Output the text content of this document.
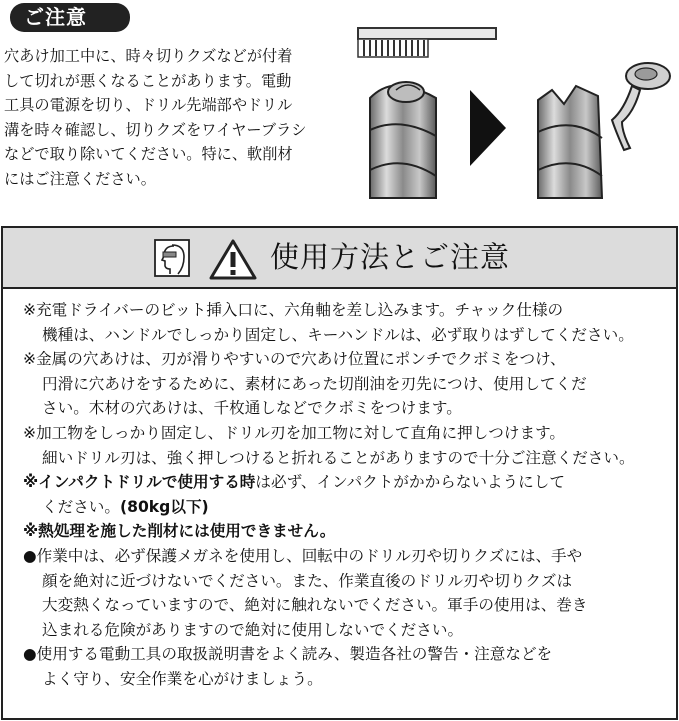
ご注意
穴あけ加工中に、時々切りクズなどが付着
して切れが悪くなることがあります。電動
工具の電源を切り、ドリル先端部やドリル
溝を時々確認し、切りクズをワイヤーブラシ
などで取り除いてください。特に、軟削材
にはご注意ください。
使用方法とご注意
※充電ドライバーのビット挿入口に、六角軸を差し込みます。チャック仕様の
機種は、ハンドルでしっかり固定し、キーハンドルは、必ず取りはずしてください。
※金属の穴あけは、刃が滑りやすいので穴あけ位置にポンチでクボミをつけ、
円滑に穴あけをするために、素材にあった切削油を刃先につけ、使用してくだ
さい。木材の穴あけは、千枚通しなどでクボミをつけます。
※加工物をしっかり固定し、ドリル刃を加工物に対して直角に押しつけます。
細いドリル刃は、強く押しつけると折れることがありますので十分ご注意ください。
※インパクトドリルで使用する時は必ず、インパクトがかからないようにして
ください。(80kg以下)
※熱処理を施した削材には使用できません。
●作業中は、必ず保護メガネを使用し、回転中のドリル刃や切りクズには、手や
顔を絶対に近づけないでください。また、作業直後のドリル刃や切りクズは
大変熱くなっていますので、絶対に触れないでください。軍手の使用は、巻き
込まれる危険がありますので絶対に使用しないでください。
●使用する電動工具の取扱説明書をよく読み、製造各社の警告・注意などを
よく守り、安全作業を心がけましょう。
